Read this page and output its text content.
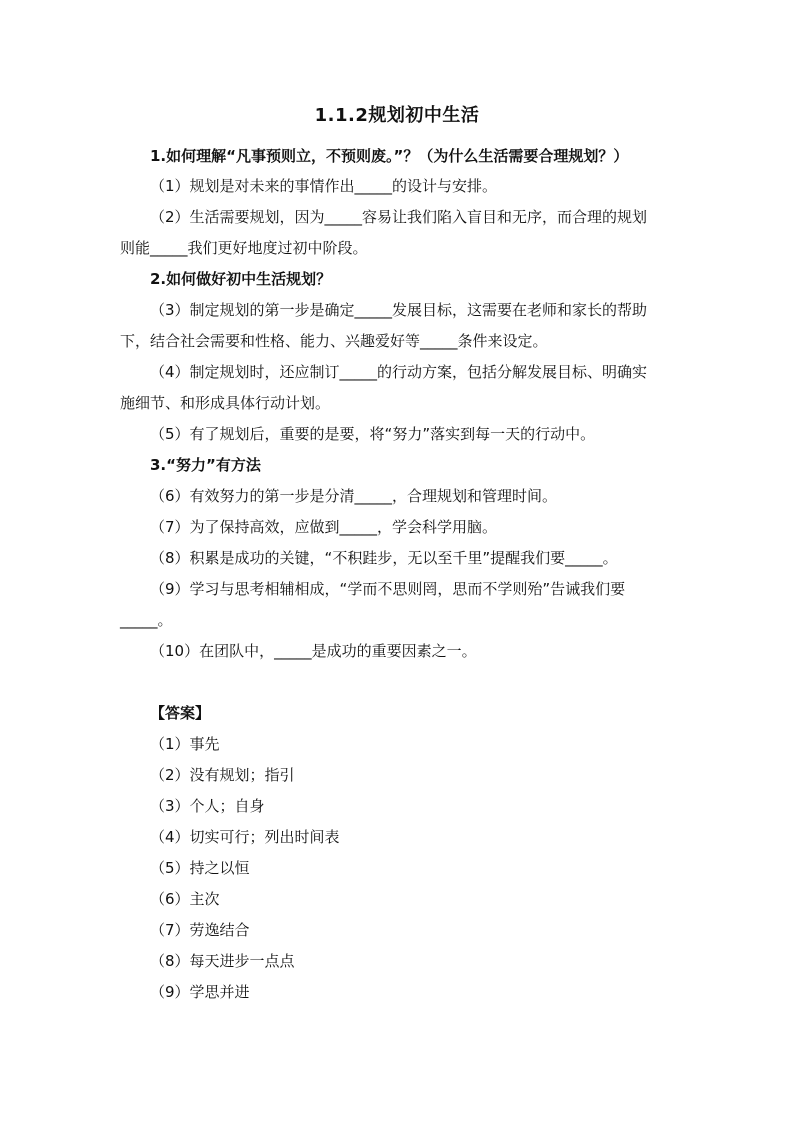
1.1.2规划初中生活
1.如何理解“凡事预则立，不预则废。”？（为什么生活需要合理规划？）
（1）规划是对未来的事情作出_____的设计与安排。
（2）生活需要规划，因为_____容易让我们陷入盲目和无序，而合理的规划
则能_____我们更好地度过初中阶段。
2.如何做好初中生活规划？
（3）制定规划的第一步是确定_____发展目标，这需要在老师和家长的帮助
下，结合社会需要和性格、能力、兴趣爱好等_____条件来设定。
（4）制定规划时，还应制订_____的行动方案，包括分解发展目标、明确实
施细节、和形成具体行动计划。
（5）有了规划后，重要的是要，将“努力”落实到每一天的行动中。
3.“努力”有方法
（6）有效努力的第一步是分清_____，合理规划和管理时间。
（7）为了保持高效，应做到_____，学会科学用脑。
（8）积累是成功的关键，“不积跬步，无以至千里”提醒我们要_____。
（9）学习与思考相辅相成，“学而不思则罔，思而不学则殆”告诫我们要
_____。
（10）在团队中，_____是成功的重要因素之一。
【答案】
（1）事先
（2）没有规划；指引
（3）个人；自身
（4）切实可行；列出时间表
（5）持之以恒
（6）主次
（7）劳逸结合
（8）每天进步一点点
（9）学思并进
